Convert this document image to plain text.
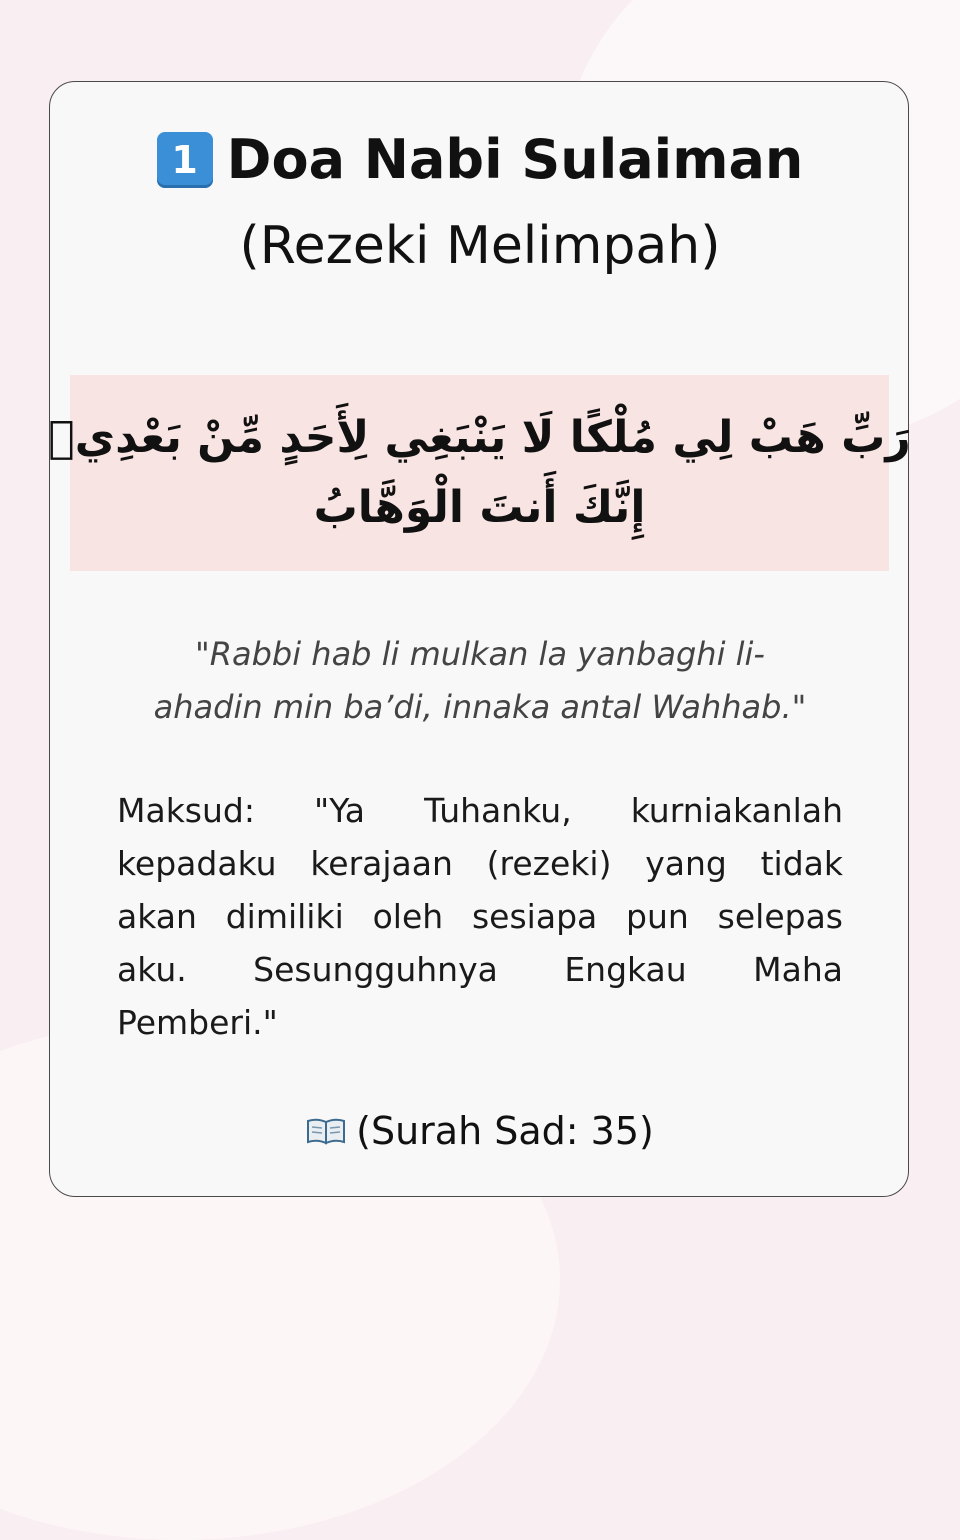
1 Doa Nabi Sulaiman
(Rezeki Melimpah)
رَبِّ هَبْ لِي مُلْكًا لَا يَنْبَغِي لِأَحَدٍ مِّنْ بَعْدِيۖ
إِنَّكَ أَنتَ الْوَهَّابُ
"Rabbi hab li mulkan la yanbaghi li-
ahadin min ba’di, innaka antal Wahhab."
Maksud: "Ya Tuhanku, kurniakanlah
kepadaku kerajaan (rezeki) yang tidak
akan dimiliki oleh sesiapa pun selepas
aku. Sesungguhnya Engkau Maha
Pemberi."
(Surah Sad: 35)
